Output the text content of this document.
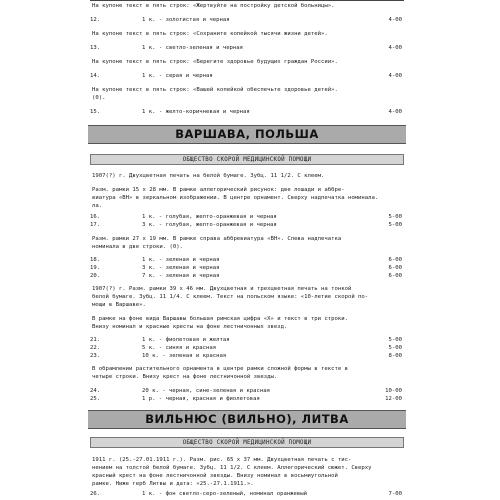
ВАРШАВА, ПОЛЬША
ОБЩЕСТВО СКОРОЙ МЕДИЦИНСКОЙ ПОМОЩИ
ВИЛЬНЮС (ВИЛЬНО), ЛИТВА
ОБЩЕСТВО СКОРОЙ МЕДИЦИНСКОЙ ПОМОЩИ
На купоне текст в пять строк: «Жертвуйте на постройку детской больницы».
12.	1 к. - золотистая и черная	4-00
На купоне текст в пять строк: «Сохраните копейкой тысячи жизни детей».
13.	1 к. - светло-зеленая и черная	4-00
На купоне текст в пять строк: «Берегите здоровье будущих граждан России».
14.	1 к. - серая и черная	4-00
На купоне текст в пять строк: «Вашей копейкой обеспечьте здоровье детей».
(0).
15.	1 к. - желто-коричневая и черная	4-00
1907(?) г. Двухцветная печать на белой бумаге. Зубц. 11 1/2. С клеем.
Разм. рамки 15 х 28 мм. В рамке аллегорический рисунок: две лошади и аббре-
виатура «ВН» в зеркальном изображении. В центре орнамент. Сверху надпечатка номинала.
ла.
16.	1 к. - голубая, желто-оранжевая и черная	5-00
17.	3 к. - голубая, желто-оранжевая и черная	5-00
Разм. рамки 27 х 19 мм. В рамке справа аббревиатура «ВН». Слева надпечатка
номинала в две строки. (0).
18.	1 к. - зеленая и черная	6-00
19.	3 к. - зеленая и черная	6-00
20.	7 к. - зеленая и черная	6-00
1907(?) г. Разм. рамки 39 х 46 мм. Двухцветная и трехцветная печать на тонкой
белой бумаге. Зубц. 11 1/4. С клеем. Текст на польском языке: «10-летие скорой по-
мощи в Варшаве».
В рамке на фоне вида Варшавы большая римская цифра «Х» и текст в три строки.
Внизу номинал и красные кресты на фоне лестничонных звезд.
21.	1 к. - фиолетовая и желтая	5-00
22.	5 к. - синяя и красная	5-00
23.	10 к. - зеленая и красная	8-00
В обрамлении растительного орнамента в центре рамки сложной формы в тексте в
четыре строки. Внизу крест на фоне лестничонной звезды.
24.	20 к. - черная, сине-зеленая и красная	10-00
25.	1 р. - черная, красная и фиолетовая	12-00
1911 г. (25.-27.01.1911 г.). Разм. рис. 65 х 37 мм. Двухцветная печать с тис-
нением на толстой белой бумаге. Зубц. 11 1/2. С клеем. Аллегорический сюжет. Сверху
красный крест на фоне лестничонной звезды. Внизу номинал в восьмиугольной
рамке. Ниже герб Литвы и дата: «25.-27.1.1911.».
26.	1 к. - фон светло-серо-зеленый, номинал оранжевый	7-00
